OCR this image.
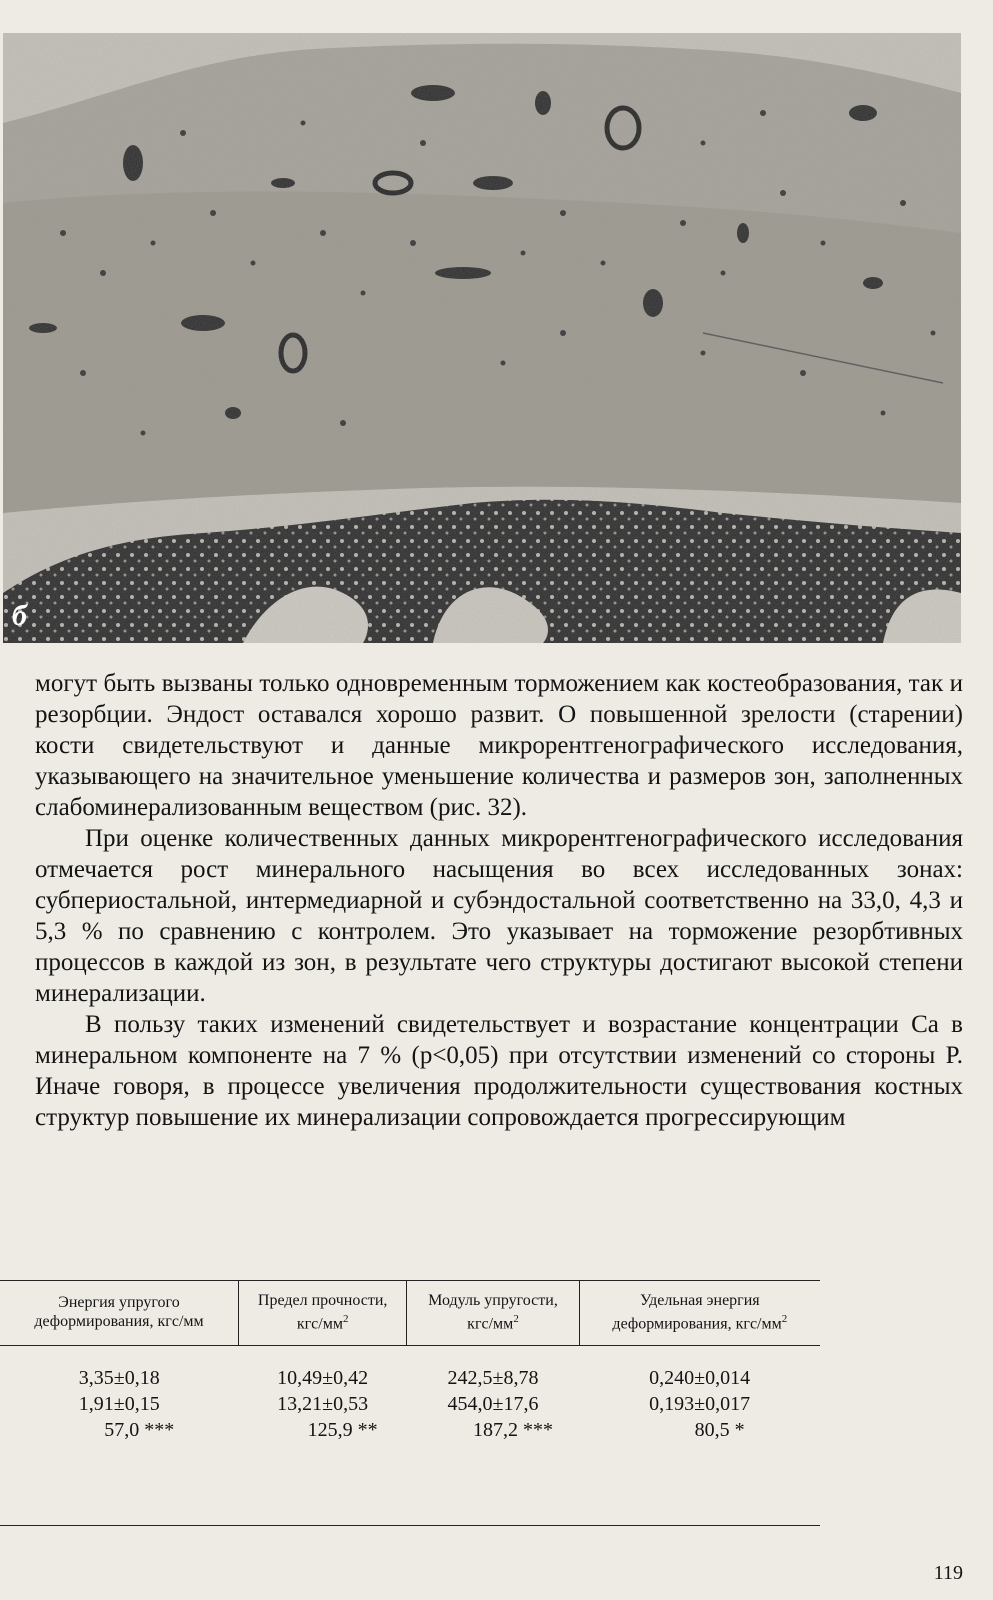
б

могут быть вызваны только одновременным торможением как костеобразования, так и резорбции. Эндост оставался хорошо развит. О повышенной зрелости (старении) кости свидетельствуют и данные микрорентгенографического исследования, указывающего на значительное уменьшение количества и размеров зон, заполненных слабоминерализованным веществом (рис. 32).

При оценке количественных данных микрорентгенографического исследования отмечается рост минерального насыщения во всех исследованных зонах: субпериостальной, интермедиарной и субэндостальной соответственно на 33,0, 4,3 и 5,3 % по сравнению с контролем. Это указывает на торможение резорбтивных процессов в каждой из зон, в результате чего структуры достигают высокой степени минерализации.

В пользу таких изменений свидетельствует и возрастание концентрации Са в минеральном компоненте на 7 % (p<0,05) при отсутствии изменений со стороны P. Иначе говоря, в процессе увеличения продолжительности существования костных структур повышение их минерализации сопровождается прогрессирующим

Энергия упругого деформирования, кгс/мм	Предел прочности, кгс/$мм^2$	Модуль упругости, кгс/$мм^2$	Удельная энергия деформирования, кгс/$мм^2$
3,35±0,18	10,49±0,42	242,5±8,78	0,240±0,014
1,91±0,15	13,21±0,53	454,0±17,6	0,193±0,017
57,0 ***	125,9 **	187,2 ***	80,5 *
119
